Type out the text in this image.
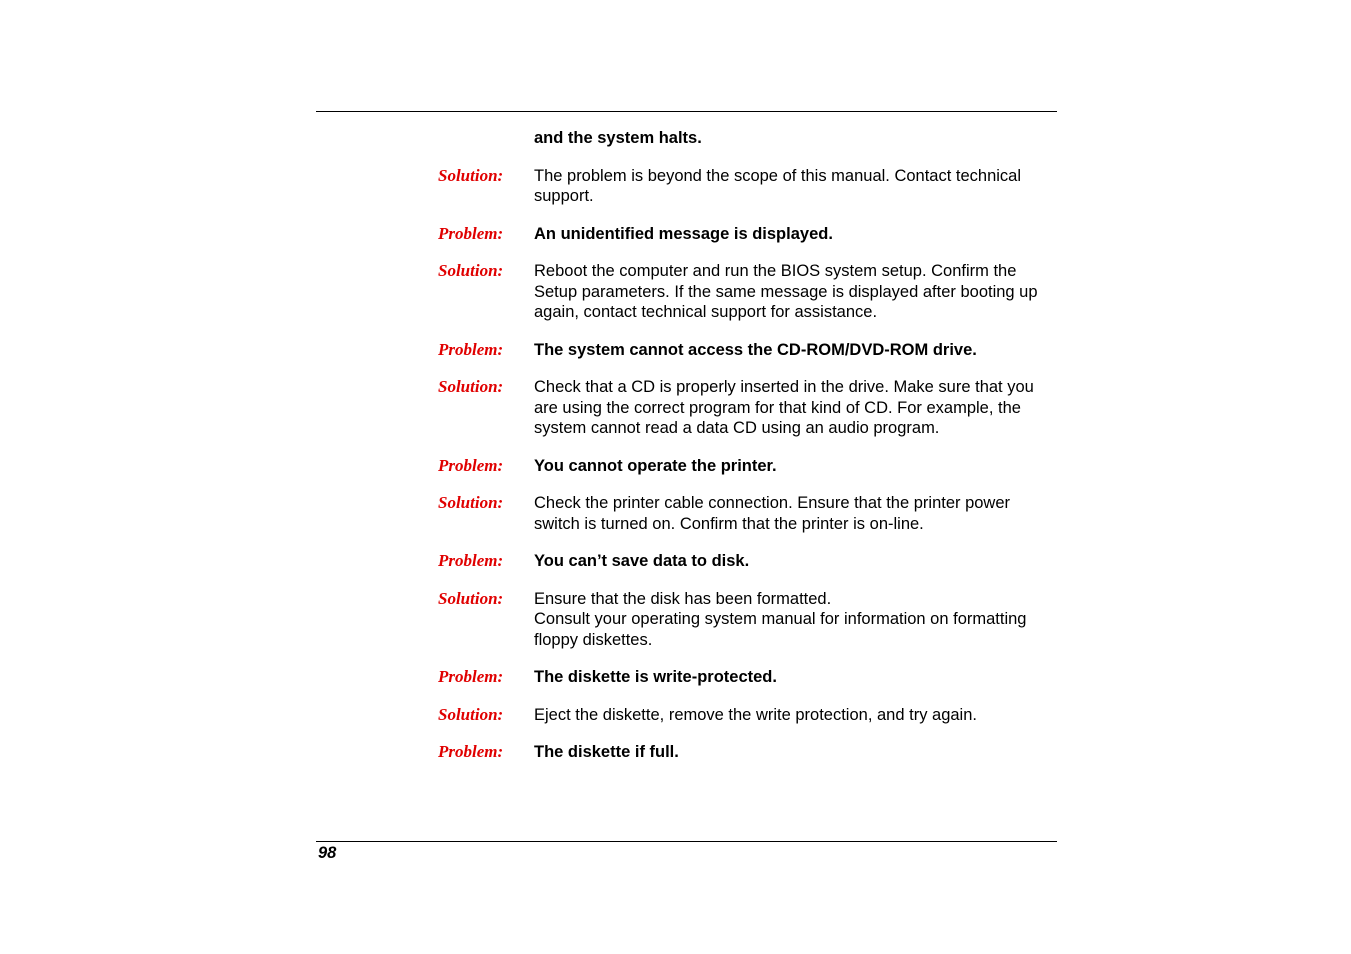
and the system halts.
Solution:	The problem is beyond the scope of this manual. Contact technical support.
Problem:	An unidentified message is displayed.
Solution:	Reboot the computer and run the BIOS system setup. Confirm the Setup parameters. If the same message is displayed after booting up again, contact technical support for assistance.
Problem:	The system cannot access the CD-ROM/DVD-ROM drive.
Solution:	Check that a CD is properly inserted in the drive. Make sure that you are using the correct program for that kind of CD. For example, the system cannot read a data CD using an audio program.
Problem:	You cannot operate the printer.
Solution:	Check the printer cable connection. Ensure that the printer power switch is turned on. Confirm that the printer is on-line.
Problem:	You can’t save data to disk.
Solution:	Ensure that the disk has been formatted.
Consult your operating system manual for information on formatting floppy diskettes.
Problem:	The diskette is write-protected.
Solution:	Eject the diskette, remove the write protection, and try again.
Problem:	The diskette if full.
98
